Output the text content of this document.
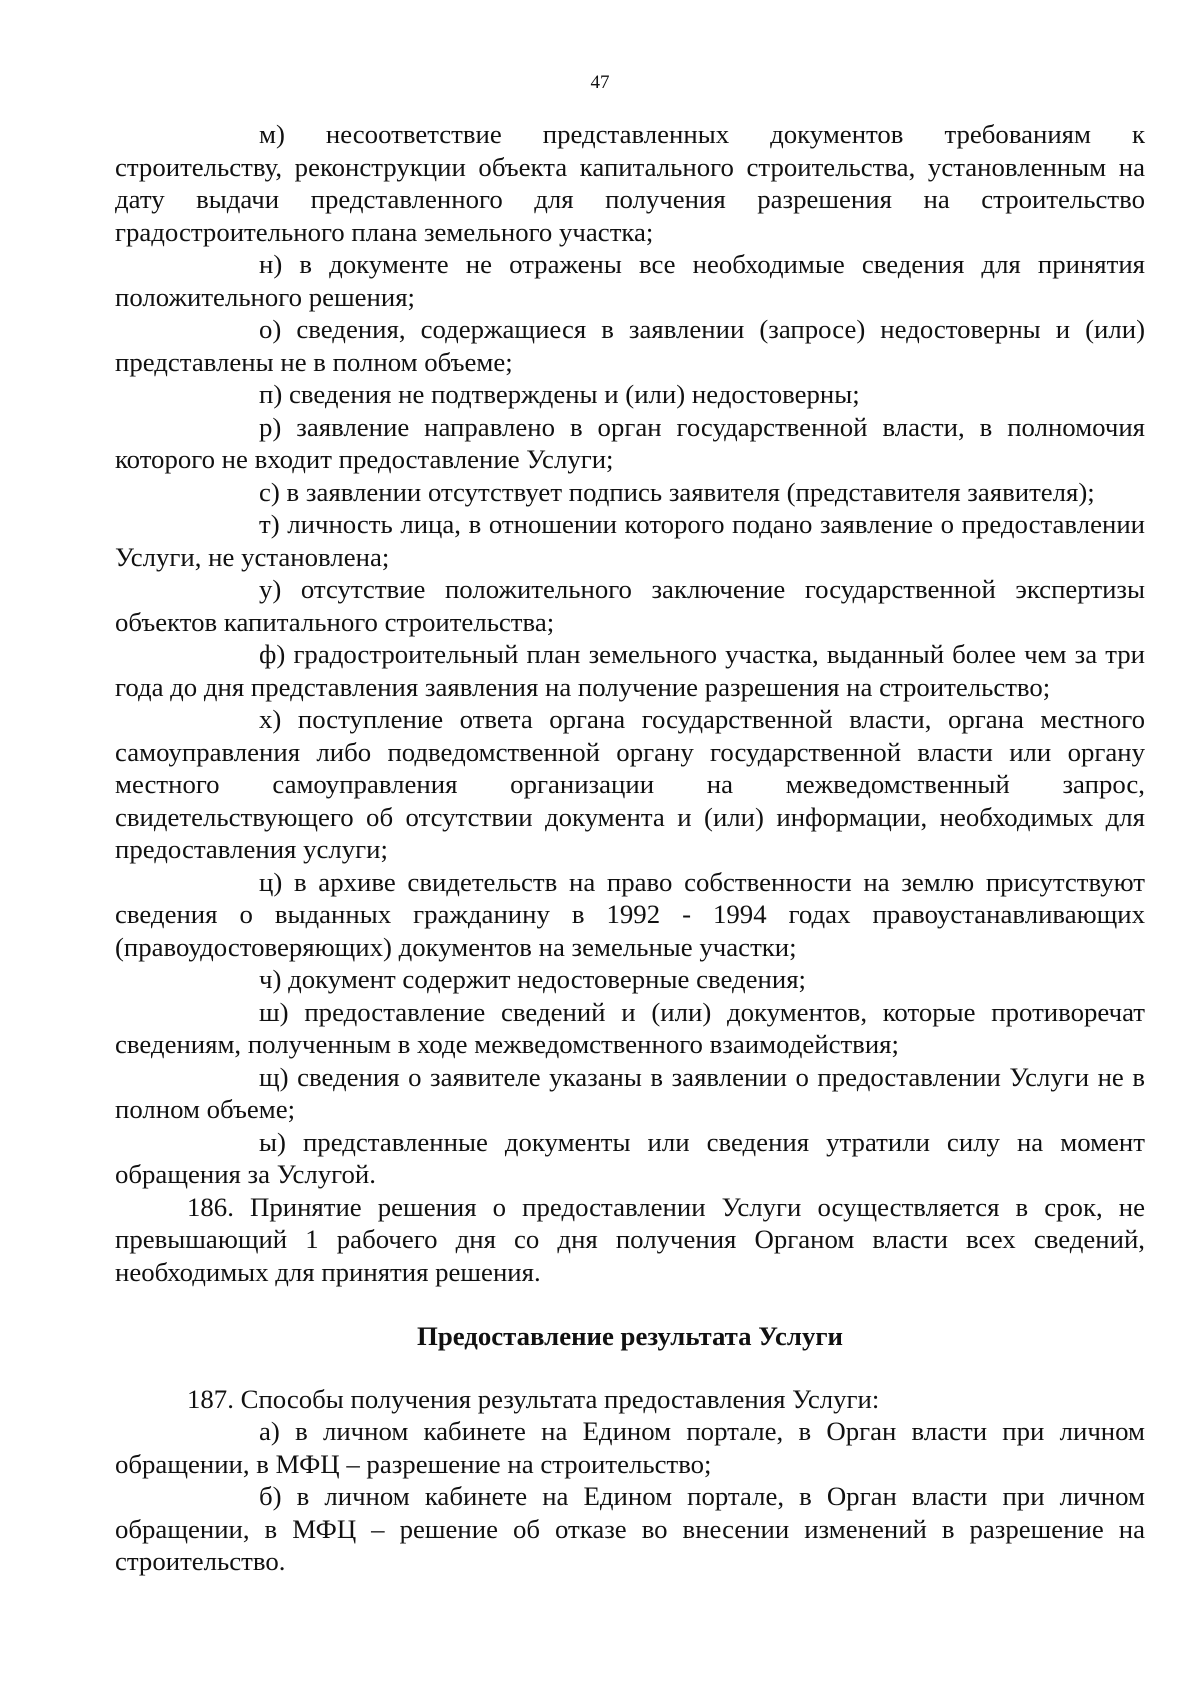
47

м) несоответствие представленных документов требованиям к строительству, реконструкции объекта капитального строительства, установленным на дату выдачи представленного для получения разрешения на строительство градостроительного плана земельного участка;

н) в документе не отражены все необходимые сведения для принятия положительного решения;

о) сведения, содержащиеся в заявлении (запросе) недостоверны и (или) представлены не в полном объеме;

п) сведения не подтверждены и (или) недостоверны;

р) заявление направлено в орган государственной власти, в полномочия которого не входит предоставление Услуги;

с) в заявлении отсутствует подпись заявителя (представителя заявителя);

т) личность лица, в отношении которого подано заявление о предоставлении Услуги, не установлена;

у) отсутствие положительного заключение государственной экспертизы объектов капитального строительства;

ф) градостроительный план земельного участка, выданный более чем за три года до дня представления заявления на получение разрешения на строительство;

х) поступление ответа органа государственной власти, органа местного самоуправления либо подведомственной органу государственной власти или органу местного самоуправления организации на межведомственный запрос, свидетельствующего об отсутствии документа и (или) информации, необходимых для предоставления услуги;

ц) в архиве свидетельств на право собственности на землю присутствуют сведения о выданных гражданину в 1992 - 1994 годах правоустанавливающих (правоудостоверяющих) документов на земельные участки;

ч) документ содержит недостоверные сведения;

ш) предоставление сведений и (или) документов, которые противоречат сведениям, полученным в ходе межведомственного взаимодействия;

щ) сведения о заявителе указаны в заявлении о предоставлении Услуги не в полном объеме;

ы) представленные документы или сведения утратили силу на момент обращения за Услугой.

186. Принятие решения о предоставлении Услуги осуществляется в срок, не превышающий 1 рабочего дня со дня получения Органом власти всех сведений, необходимых для принятия решения.

Предоставление результата Услуги

187. Способы получения результата предоставления Услуги:

а) в личном кабинете на Едином портале, в Орган власти при личном обращении, в МФЦ – разрешение на строительство;

б) в личном кабинете на Едином портале, в Орган власти при личном обращении, в МФЦ – решение об отказе во внесении изменений в разрешение на строительство.
